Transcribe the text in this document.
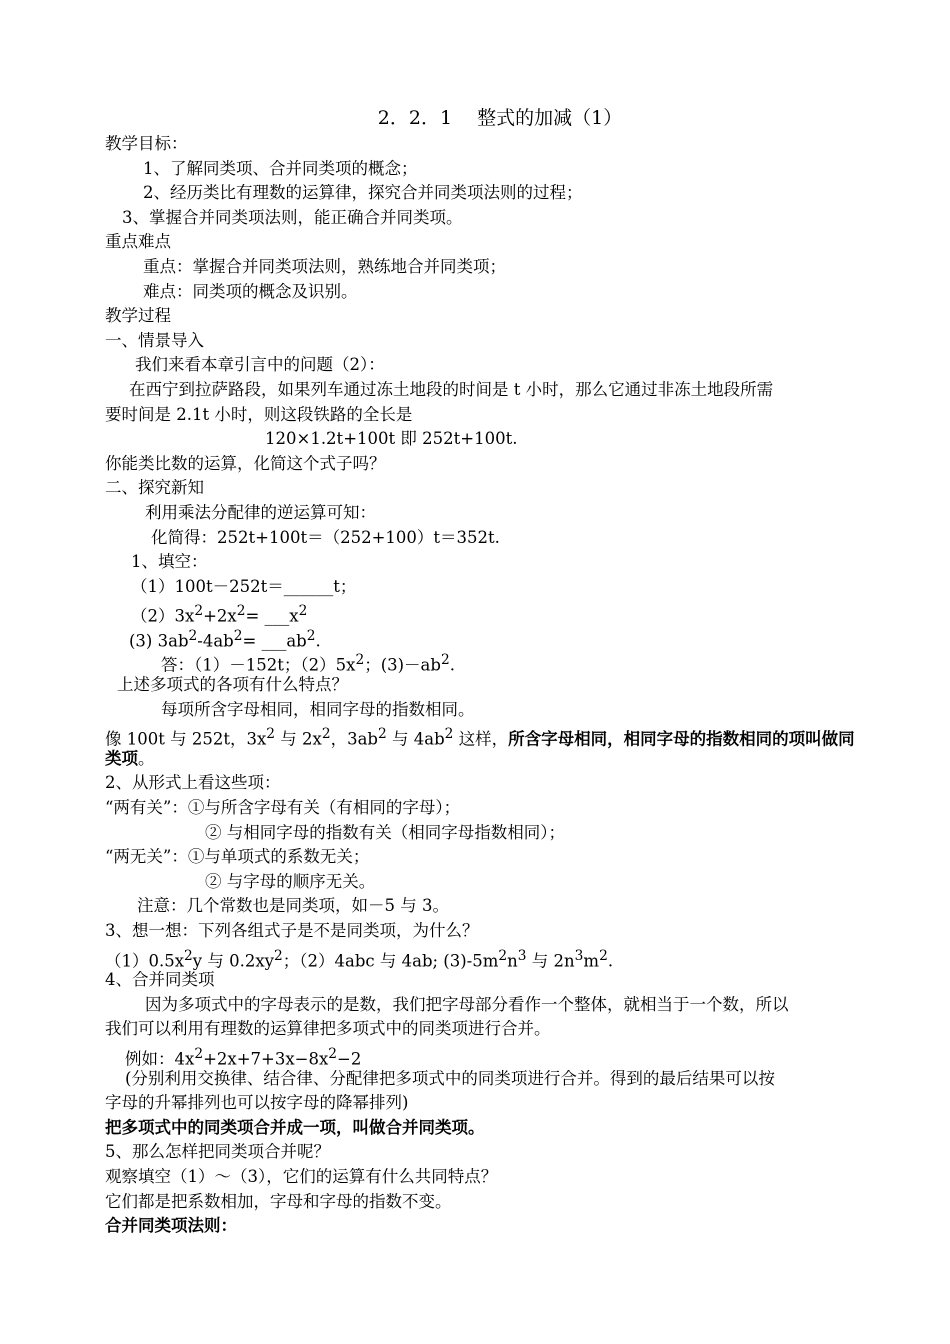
2．2．1　 整式的加减（1）
教学目标：
1、了解同类项、合并同类项的概念；
2、经历类比有理数的运算律，探究合并同类项法则的过程；
3、掌握合并同类项法则，能正确合并同类项。
重点难点
重点：掌握合并同类项法则，熟练地合并同类项；
难点：同类项的概念及识别。
教学过程
一、情景导入
我们来看本章引言中的问题（2）：
在西宁到拉萨路段，如果列车通过冻土地段的时间是 t 小时，那么它通过非冻土地段所需
要时间是 2.1t 小时，则这段铁路的全长是
120×1.2t+100t 即 252t+100t.
你能类比数的运算，化简这个式子吗？
二、探究新知
利用乘法分配律的逆运算可知：
化简得：252t+100t＝（252+100）t＝352t.
1、填空：
（1）100t－252t＝______t；
$(2)3x^2+2x^2=$ $\_\_\_x^2$
(3) $3ab^2-4ab^2=$ $\_\_\_ab^2$.
答：（1）－152t；$(2)5x^2$；$(3)-ab^2$.
上述多项式的各项有什么特点？
每项所含字母相同，相同字母的指数相同。
像 100t 与 252t，$3x^2$ 与 $2x^2$，$3ab^2$ 与 $4ab^2$ 这样，所含字母相同，相同字母的指数相同的项叫做同
类项。
2、从形式上看这些项：
“两有关”：①与所含字母有关（有相同的字母）；
② 与相同字母的指数有关（相同字母指数相同）；
“两无关”：①与单项式的系数无关；
② 与字母的顺序无关。
注意：几个常数也是同类项，如－5 与 3。
3、想一想：下列各组式子是不是同类项，为什么？
$(1)0.5x^2y$ 与 $0.2xy^2$；（2）4abc 与 4ab; $(3)-5m^2n^3$ 与 $2n^3m^2$.
4、合并同类项
因为多项式中的字母表示的是数，我们把字母部分看作一个整体，就相当于一个数，所以
我们可以利用有理数的运算律把多项式中的同类项进行合并。
例如：$4x^2+2x+7+3x-8x^2-2$
(分别利用交换律、结合律、分配律把多项式中的同类项进行合并。得到的最后结果可以按
字母的升幂排列也可以按字母的降幂排列)
把多项式中的同类项合并成一项，叫做合并同类项。
5、那么怎样把同类项合并呢？
观察填空（1）～（3），它们的运算有什么共同特点？
它们都是把系数相加，字母和字母的指数不变。
合并同类项法则：
